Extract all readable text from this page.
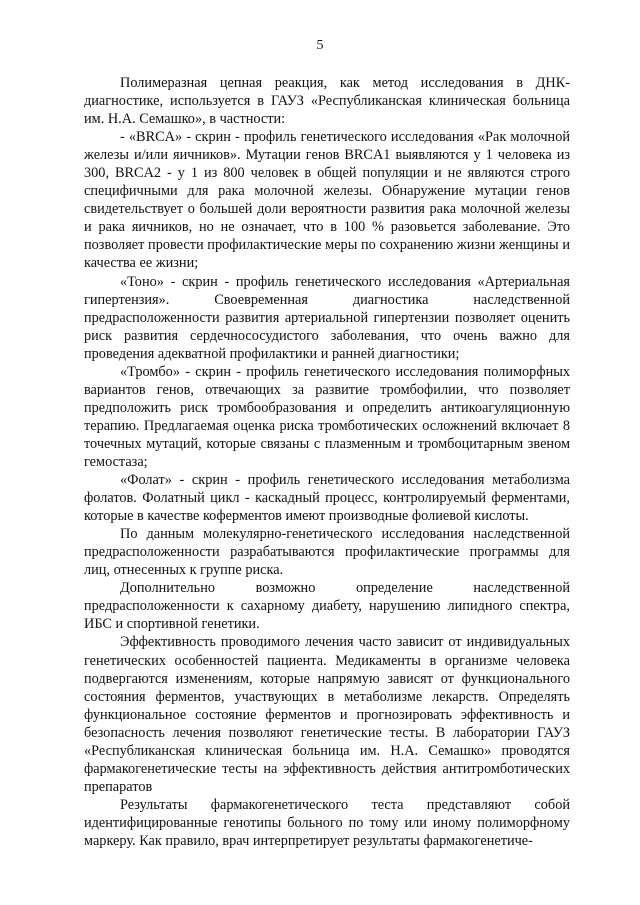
5

Полимеразная цепная реакция, как метод исследования в ДНК-диагностике, используется в ГАУЗ «Республиканская клиническая больница им. Н.А. Семашко», в частности:

- «BRCA» - скрин - профиль генетического исследования «Рак молочной железы и/или яичников». Мутации генов BRCA1 выявляются у 1 человека из 300, BRCA2 - у 1 из 800 человек в общей популяции и не являются строго специфичными для рака молочной железы. Обнаружение мутации генов свидетельствует о большей доли вероятности развития рака молочной железы и рака яичников, но не означает, что в 100 % разовьется заболевание. Это позволяет провести профилактические меры по сохранению жизни женщины и качества ее жизни;

«Тоно» - скрин - профиль генетического исследования «Артериальная гипертензия». Своевременная диагностика наследственной предрасположенности развития артериальной гипертензии позволяет оценить риск развития сердечнососудистого заболевания, что очень важно для проведения адекватной профилактики и ранней диагностики;

«Тромбо» - скрин - профиль генетического исследования полиморфных вариантов генов, отвечающих за развитие тромбофилии, что позволяет предположить риск тромбообразования и определить антикоагуляционную терапию. Предлагаемая оценка риска тромботических осложнений включает 8 точечных мутаций, которые связаны с плазменным и тромбоцитарным звеном гемостаза;

«Фолат» - скрин - профиль генетического исследования метаболизма фолатов. Фолатный цикл - каскадный процесс, контролируемый ферментами, которые в качестве коферментов имеют производные фолиевой кислоты.

По данным молекулярно-генетического исследования наследственной предрасположенности разрабатываются профилактические программы для лиц, отнесенных к группе риска.

Дополнительно возможно определение наследственной предрасположенности к сахарному диабету, нарушению липидного спектра, ИБС и спортивной генетики.

Эффективность проводимого лечения часто зависит от индивидуальных генетических особенностей пациента. Медикаменты в организме человека подвергаются изменениям, которые напрямую зависят от функционального состояния ферментов, участвующих в метаболизме лекарств. Определять функциональное состояние ферментов и прогнозировать эффективность и безопасность лечения позволяют генетические тесты. В лаборатории ГАУЗ «Республиканская клиническая больница им. Н.А. Семашко» проводятся фармакогенетические тесты на эффективность действия антитромботических препаратов

Результаты фармакогенетического теста представляют собой идентифицированные генотипы больного по тому или иному полиморфному маркеру. Как правило, врач интерпретирует результаты фармакогенетиче-
